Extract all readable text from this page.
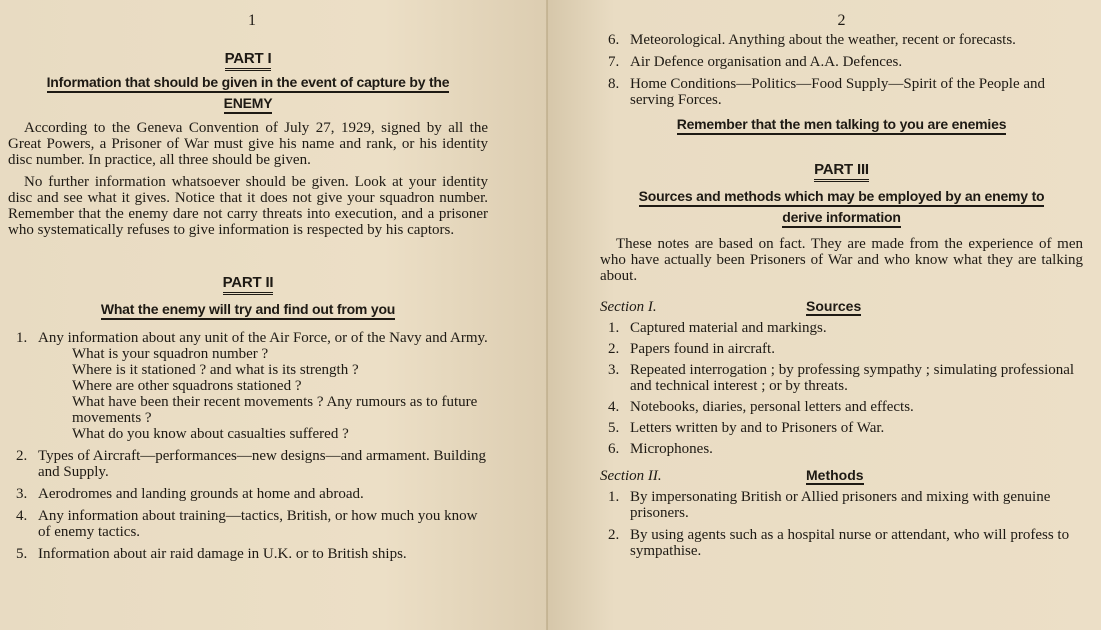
1
PART I
Information that should be given in the event of capture by the
ENEMY

According to the Geneva Convention of July 27, 1929, signed by all the Great Powers, a Prisoner of War must give his name and rank, or his identity disc number. In practice, all three should be given.

No further information whatsoever should be given. Look at your identity disc and see what it gives. Notice that it does not give your squadron number. Remember that the enemy dare not carry threats into execution, and a prisoner who systematically refuses to give information is respected by his captors.

PART II
What the enemy will try and find out from you
1. Any information about any unit of the Air Force, or of the Navy and Army.
What is your squadron number ?
Where is it stationed ? and what is its strength ?
Where are other squadrons stationed ?
What have been their recent movements ? Any rumours as to future movements ?
What do you know about casualties suffered ?
2. Types of Aircraft—performances—new designs—and armament. Building and Supply.
3. Aerodromes and landing grounds at home and abroad.
4. Any information about training—tactics, British, or how much you know of enemy tactics.
5. Information about air raid damage in U.K. or to British ships.
2
6. Meteorological. Anything about the weather, recent or forecasts.
7. Air Defence organisation and A.A. Defences.
8. Home Conditions—Politics—Food Supply—Spirit of the People and serving Forces.
Remember that the men talking to you are enemies
PART III
Sources and methods which may be employed by an enemy to
derive information

These notes are based on fact. They are made from the experience of men who have actually been Prisoners of War and who know what they are talking about.

Section I.	Sources
1. Captured material and markings.
2. Papers found in aircraft.
3. Repeated interrogation ; by professing sympathy ; simulating professional and technical interest ; or by threats.
4. Notebooks, diaries, personal letters and effects.
5. Letters written by and to Prisoners of War.
6. Microphones.
Section II.	Methods
1. By impersonating British or Allied prisoners and mixing with genuine prisoners.
2. By using agents such as a hospital nurse or attendant, who will profess to sympathise.
